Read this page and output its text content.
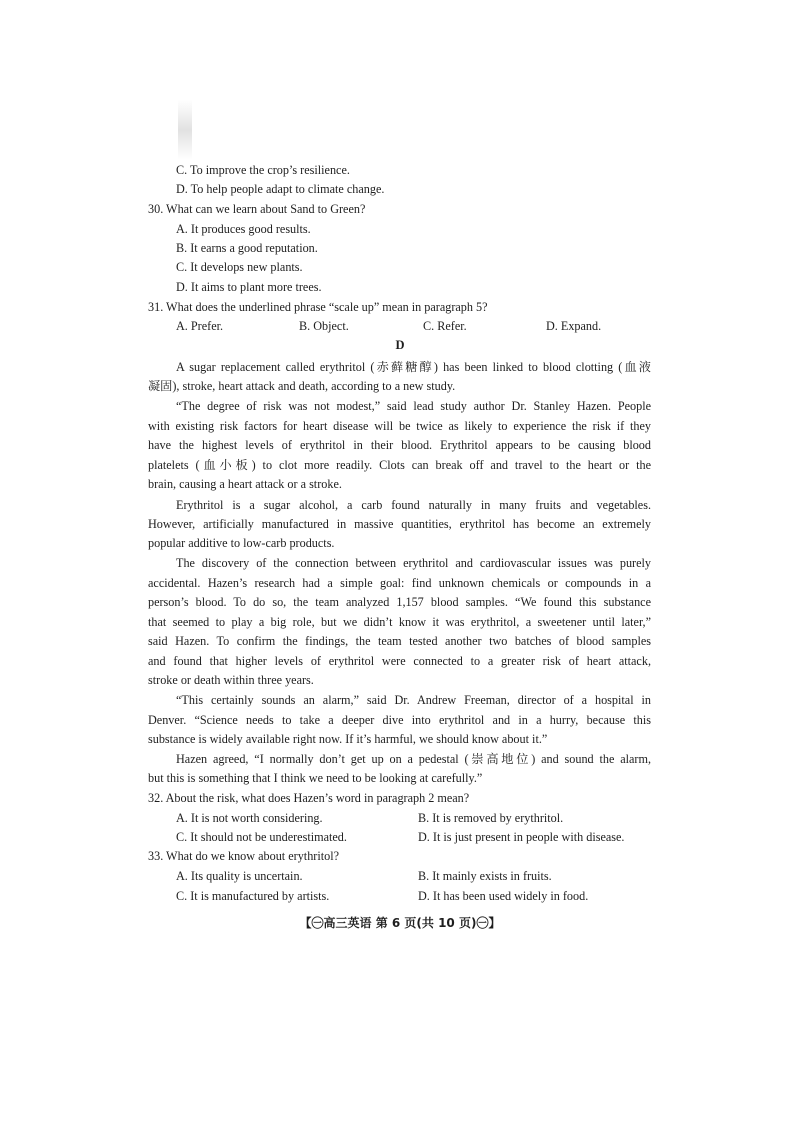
C. To improve the crop’s resilience.
D. To help people adapt to climate change.
30. What can we learn about Sand to Green?
A. It produces good results.
B. It earns a good reputation.
C. It develops new plants.
D. It aims to plant more trees.
31. What does the underlined phrase “scale up” mean in paragraph 5?
A. Prefer.	B. Object.	C. Refer.	D. Expand.
D
A sugar replacement called erythritol (赤藓糖醇) has been linked to blood clotting (血液
凝固), stroke, heart attack and death, according to a new study.
“The degree of risk was not modest,” said lead study author Dr. Stanley Hazen. People
with existing risk factors for heart disease will be twice as likely to experience the risk if they
have the highest levels of erythritol in their blood. Erythritol appears to be causing blood
platelets (血小板) to clot more readily. Clots can break off and travel to the heart or the
brain, causing a heart attack or a stroke.
Erythritol is a sugar alcohol, a carb found naturally in many fruits and vegetables.
However, artificially manufactured in massive quantities, erythritol has become an extremely
popular additive to low-carb products.
The discovery of the connection between erythritol and cardiovascular issues was purely
accidental. Hazen’s research had a simple goal: find unknown chemicals or compounds in a
person’s blood. To do so, the team analyzed 1,157 blood samples. “We found this substance
that seemed to play a big role, but we didn’t know it was erythritol, a sweetener until later,”
said Hazen. To confirm the findings, the team tested another two batches of blood samples
and found that higher levels of erythritol were connected to a greater risk of heart attack,
stroke or death within three years.
“This certainly sounds an alarm,” said Dr. Andrew Freeman, director of a hospital in
Denver. “Science needs to take a deeper dive into erythritol and in a hurry, because this
substance is widely available right now. If it’s harmful, we should know about it.”
Hazen agreed, “I normally don’t get up on a pedestal (崇高地位) and sound the alarm,
but this is something that I think we need to be looking at carefully.”
32. About the risk, what does Hazen’s word in paragraph 2 mean?
A. It is not worth considering.	B. It is removed by erythritol.
C. It should not be underestimated.	D. It is just present in people with disease.
33. What do we know about erythritol?
A. Its quality is uncertain.	B. It mainly exists in fruits.
C. It is manufactured by artists.	D. It has been used widely in food.
【㊀高三英语 第 6 页(共 10 页)㊀】
